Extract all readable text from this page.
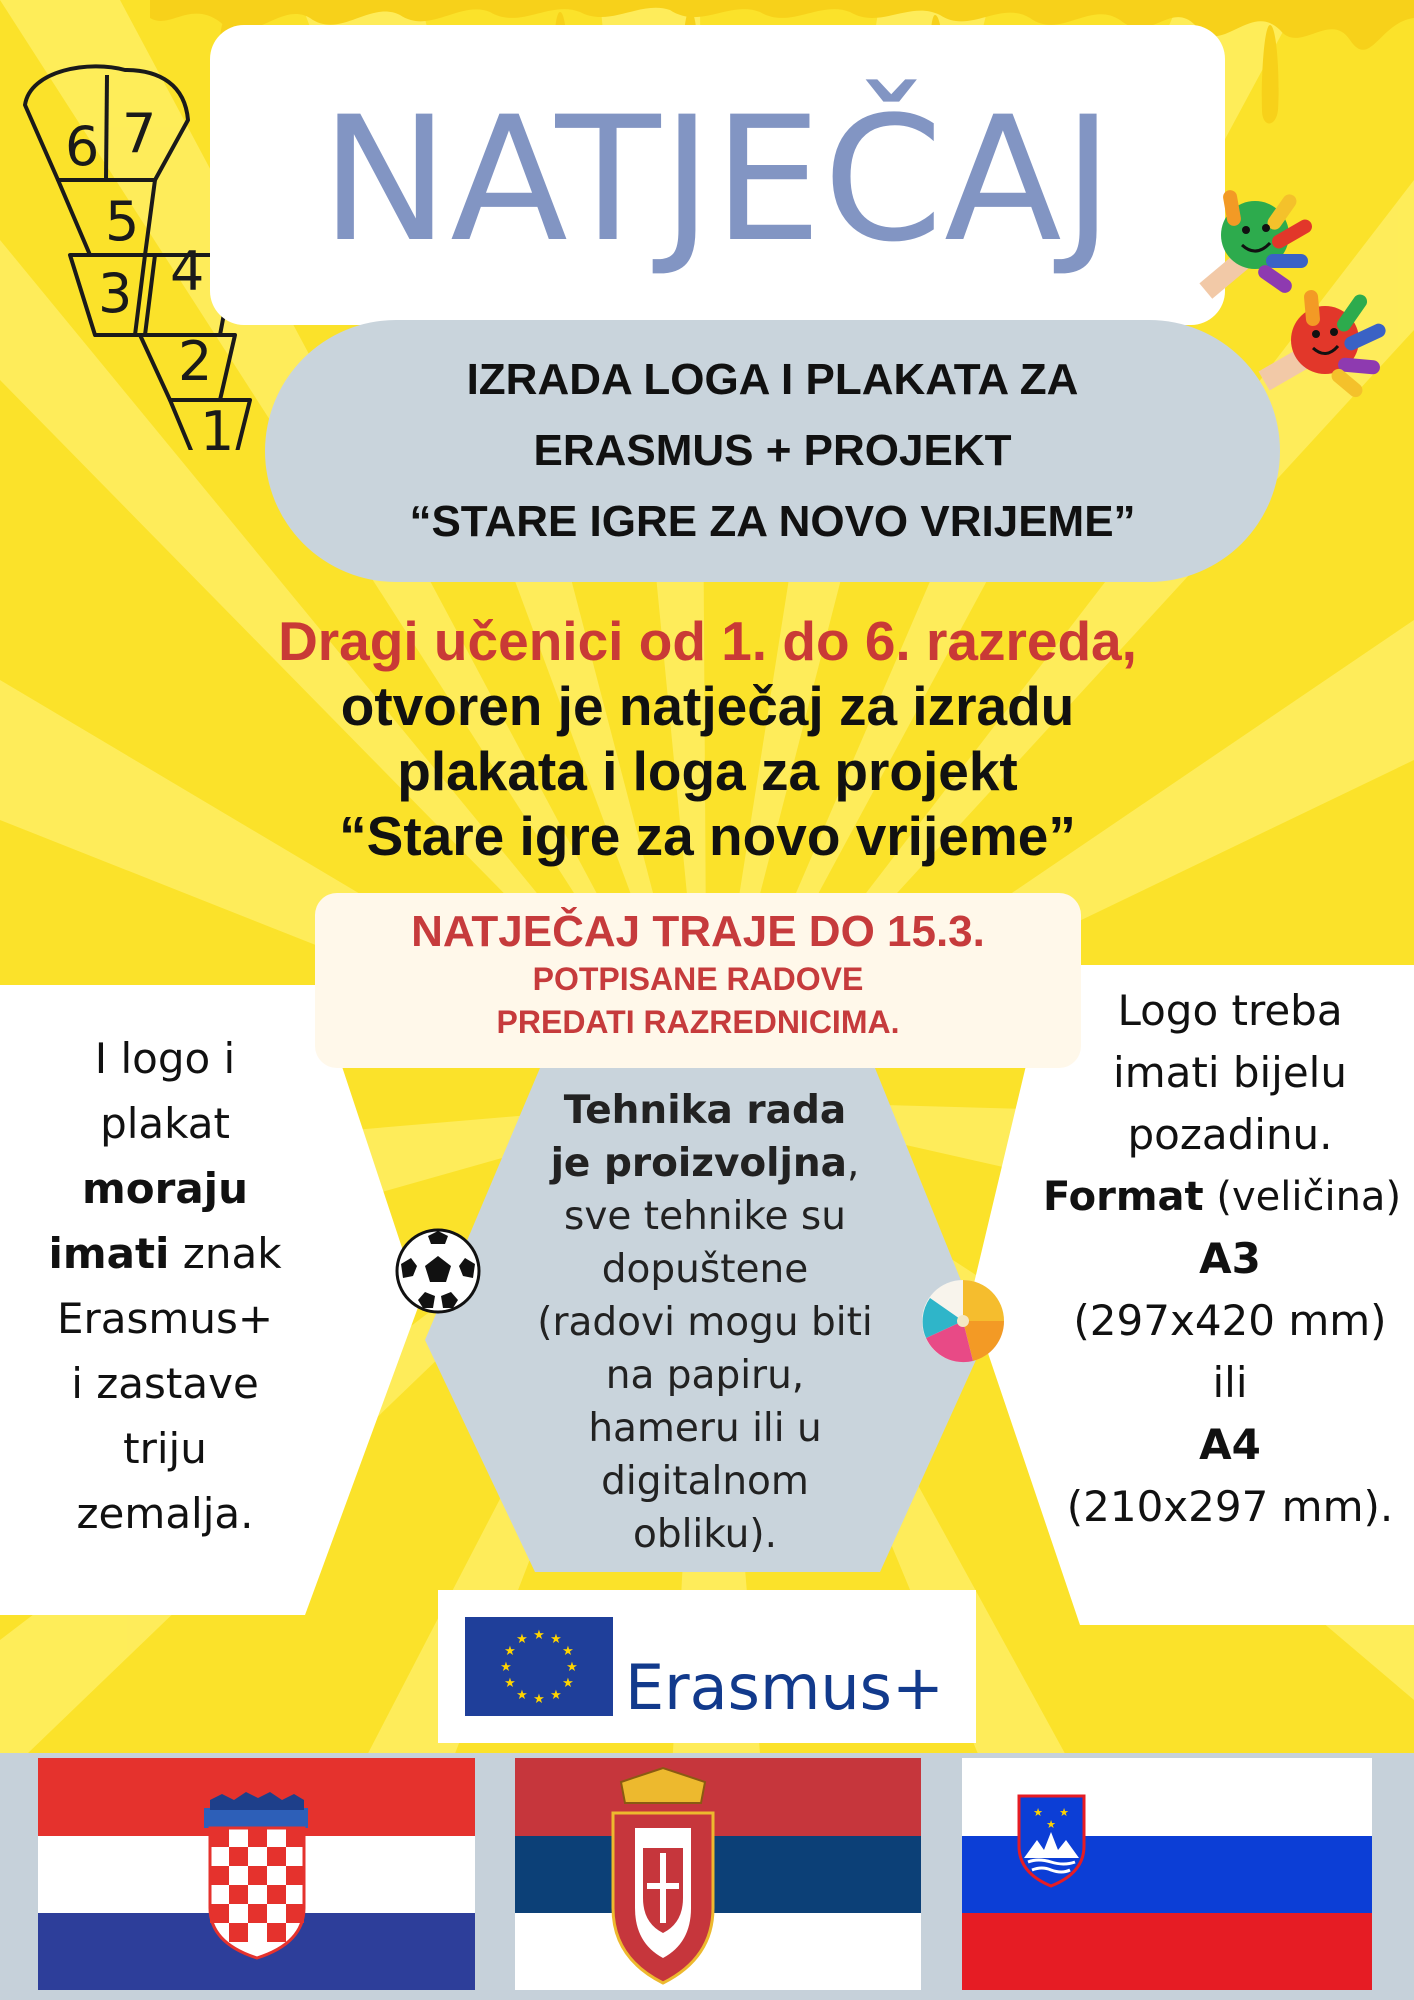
6 7
5
3 4
2
1
NATJEČAJ
IZRADA LOGA I PLAKATA ZA
ERASMUS + PROJEKT
“STARE IGRE ZA NOVO VRIJEME”
Dragi učenici od 1. do 6. razreda,
otvoren je natječaj za izradu
plakata i loga za projekt
“Stare igre za novo vrijeme”
NATJEČAJ TRAJE DO 15.3.
POTPISANE RADOVE
PREDATI RAZREDNICIMA.
I logo i
plakat
moraju
imati znak
Erasmus+
i zastave
triju
zemalja.
Tehnika rada
je proizvoljna,
sve tehnike su
dopuštene
(radovi mogu biti
na papiru,
hameru ili u
digitalnom
obliku).
Logo treba
imati bijelu
pozadinu.
Format (veličina)
A3
(297x420 mm)
ili
A4
(210x297 mm).
★ ★
★
★
★
★
★
★
★
★
★
★
Erasmus+
★ ★
★
